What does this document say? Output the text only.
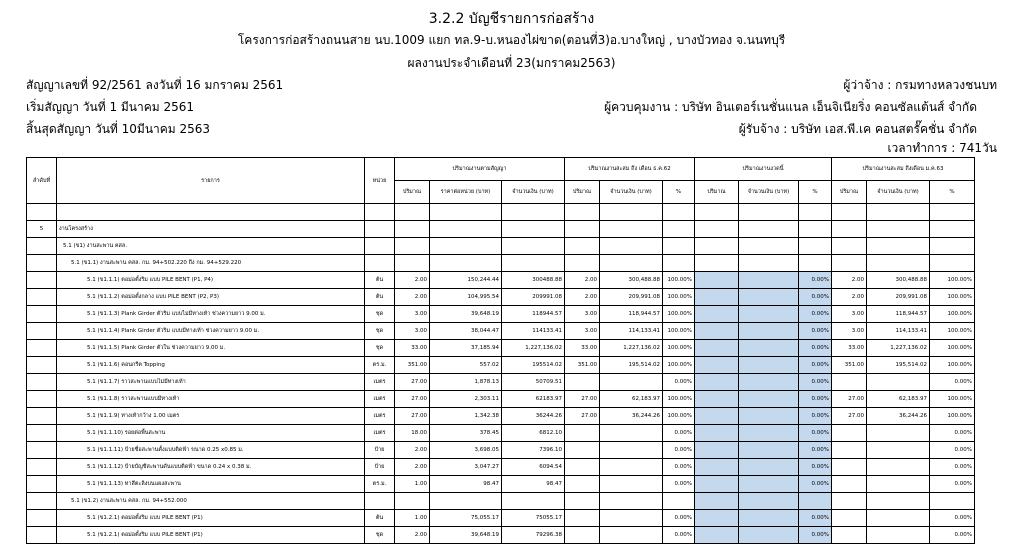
3.2.2 บัญชีรายการก่อสร้าง
โครงการก่อสร้างถนนสาย นบ.1009 แยก ทล.9-บ.หนองไผ่ขาด(ตอนที่3)อ.บางใหญ่ , บางบัวทอง จ.นนทบุรี
ผลงานประจำเดือนที่ 23(มกราคม2563)
สัญญาเลขที่ 92/2561 ลงวันที่ 16 มกราคม 2561
เริ่มสัญญา วันที่ 1 มีนาคม 2561
สิ้นสุดสัญญา วันที่ 10มีนาคม 2563
ผู้ว่าจ้าง : กรมทางหลวงชนบท
ผู้ควบคุมงาน : บริษัท อินเตอร์เนชั่นแนล เอ็นจิเนียริ่ง คอนซัลแต้นส์ จำกัด
ผู้รับจ้าง : บริษัท เอส.พี.เค คอนสตรั๊คชั่น จำกัด
เวลาทำการ : 741วัน
ลำดับที่	รายการ	หน่วย	ปริมาณงานตามสัญญา			ปริมาณงานสะสม ถึง เดือน ธ.ค.62			ปริมาณงานงวดนี้			ปริมาณงานสะสม ถึงเดือน ม.ค.63		
			ปริมาณ	ราคาต่อหน่วย (บาท)	จำนวนเงิน (บาท)	ปริมาณ	จำนวนเงิน (บาท)	%	ปริมาณ	จำนวนเงิน (บาท)	%	ปริมาณ	จำนวนเงิน (บาท)	%

5	งานโครงสร้าง													
	5.1 (ข1) งานสะพาน คสล.													
	5.1 (ข1.1) งานสะพาน คสล. กม. 94+502.220 ถึง กม. 94+529.220													
	5.1 (ข1.1.1) ตอม่อตั้งริม แบบ PILE BENT (P1, P4)	ต้น	2.00	150,244.44	300488.88	2.00	300,488.88	100.00%			0.00%	2.00	300,488.88	100.00%
	5.1 (ข1.1.2) ตอม่อตั้งกลาง แบบ PILE BENT (P2, P3)	ต้น	2.00	104,995.54	209991.08	2.00	209,991.08	100.00%			0.00%	2.00	209,991.08	100.00%
	5.1 (ข1.1.3) Plank Girder ตัวริม แบบไม่มีทางเท้า ช่วงความยาว 9.00 ม.	ชุด	3.00	39,648.19	118944.57	3.00	118,944.57	100.00%			0.00%	3.00	118,944.57	100.00%
	5.1 (ข1.1.4) Plank Girder ตัวริม แบบมีทางเท้า ช่วงความยาว 9.00 ม.	ชุด	3.00	38,044.47	114133.41	3.00	114,133.41	100.00%			0.00%	3.00	114,133.41	100.00%
	5.1 (ข1.1.5) Plank Girder ตัวใน ช่วงความยาว 9.00 ม.	ชุด	33.00	37,185.94	1,227,136.02	33.00	1,227,136.02	100.00%			0.00%	33.00	1,227,136.02	100.00%
	5.1 (ข1.1.6) คอนกรีต Topping	ตร.ม.	351.00	557.02	195514.02	351.00	195,514.02	100.00%			0.00%	351.00	195,514.02	100.00%
	5.1 (ข1.1.7) ราวสะพานแบบไม่มีทางเท้า	เมตร	27.00	1,878.13	50709.51			0.00%			0.00%			0.00%
	5.1 (ข1.1.8) ราวสะพานแบบมีทางเท้า	เมตร	27.00	2,303.11	62183.97	27.00	62,183.97	100.00%			0.00%	27.00	62,183.97	100.00%
	5.1 (ข1.1.9) ทางเท้ากว้าง 1.00 เมตร	เมตร	27.00	1,342.38	36244.26	27.00	36,244.26	100.00%			0.00%	27.00	36,244.26	100.00%
	5.1 (ข1.1.10) รอยต่อพื้นสะพาน	เมตร	18.00	378.45	6812.10			0.00%			0.00%			0.00%
	5.1 (ข1.1.11) ป้ายชื่อสะพานตั้งแบบติดฟ้า ขนาด 0.25 x0.85 ม.	ป้าย	2.00	3,698.05	7396.10			0.00%			0.00%			0.00%
	5.1 (ข1.1.12) ป้ายบัญชีสะพานดันแบบติดฟ้า ขนาด 0.24 x 0.38 ม.	ป้าย	2.00	3,047.27	6094.54			0.00%			0.00%			0.00%
	5.1 (ข1.1.13) ทาสีตะลิงบนแผงสะพาน	ตร.ม.	1.00	98.47	98.47			0.00%			0.00%			0.00%
	5.1 (ข1.2) งานสะพาน คสล. กม. 94+552.000													
	5.1 (ข1.2.1) ตอม่อตั้งริม แบบ PILE BENT (P1)	ต้น	1.00	75,055.17	75055.17			0.00%			0.00%			0.00%
	5.1 (ข1.2.1) ตอม่อตั้งริม แบบ PILE BENT (P1)	ชุด	2.00	39,648.19	79296.38			0.00%			0.00%			0.00%
